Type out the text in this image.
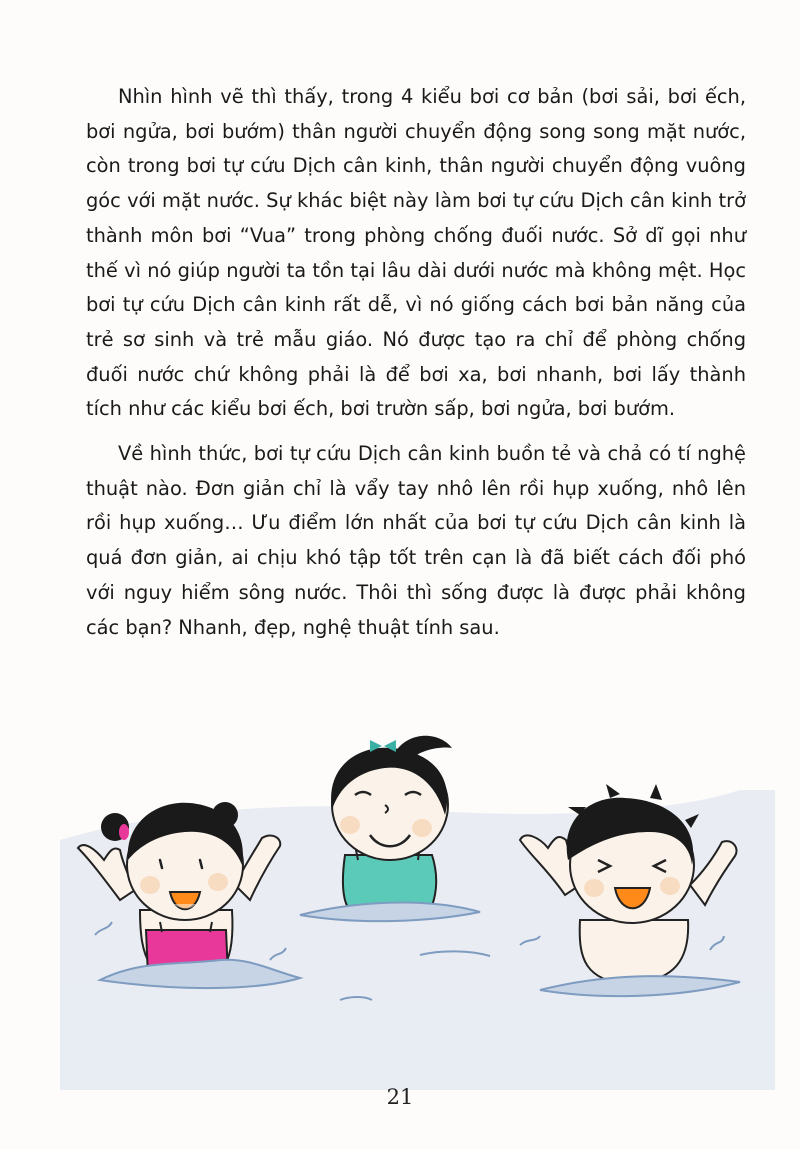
Nhìn hình vẽ thì thấy, trong 4 kiểu bơi cơ bản (bơi sải, bơi ếch, bơi ngửa, bơi bướm) thân người chuyển động song song mặt nước, còn trong bơi tự cứu Dịch cân kinh, thân người chuyển động vuông góc với mặt nước. Sự khác biệt này làm bơi tự cứu Dịch cân kinh trở thành môn bơi “Vua” trong phòng chống đuối nước. Sở dĩ gọi như thế vì nó giúp người ta tồn tại lâu dài dưới nước mà không mệt. Học bơi tự cứu Dịch cân kinh rất dễ, vì nó giống cách bơi bản năng của trẻ sơ sinh và trẻ mẫu giáo. Nó được tạo ra chỉ để phòng chống đuối nước chứ không phải là để bơi xa, bơi nhanh, bơi lấy thành tích như các kiểu bơi ếch, bơi trườn sấp, bơi ngửa, bơi bướm.

Về hình thức, bơi tự cứu Dịch cân kinh buồn tẻ và chả có tí nghệ thuật nào. Đơn giản chỉ là vẩy tay nhô lên rồi hụp xuống, nhô lên rồi hụp xuống… Ưu điểm lớn nhất của bơi tự cứu Dịch cân kinh là quá đơn giản, ai chịu khó tập tốt trên cạn là đã biết cách đối phó với nguy hiểm sông nước. Thôi thì sống được là được phải không các bạn? Nhanh, đẹp, nghệ thuật tính sau.

21
